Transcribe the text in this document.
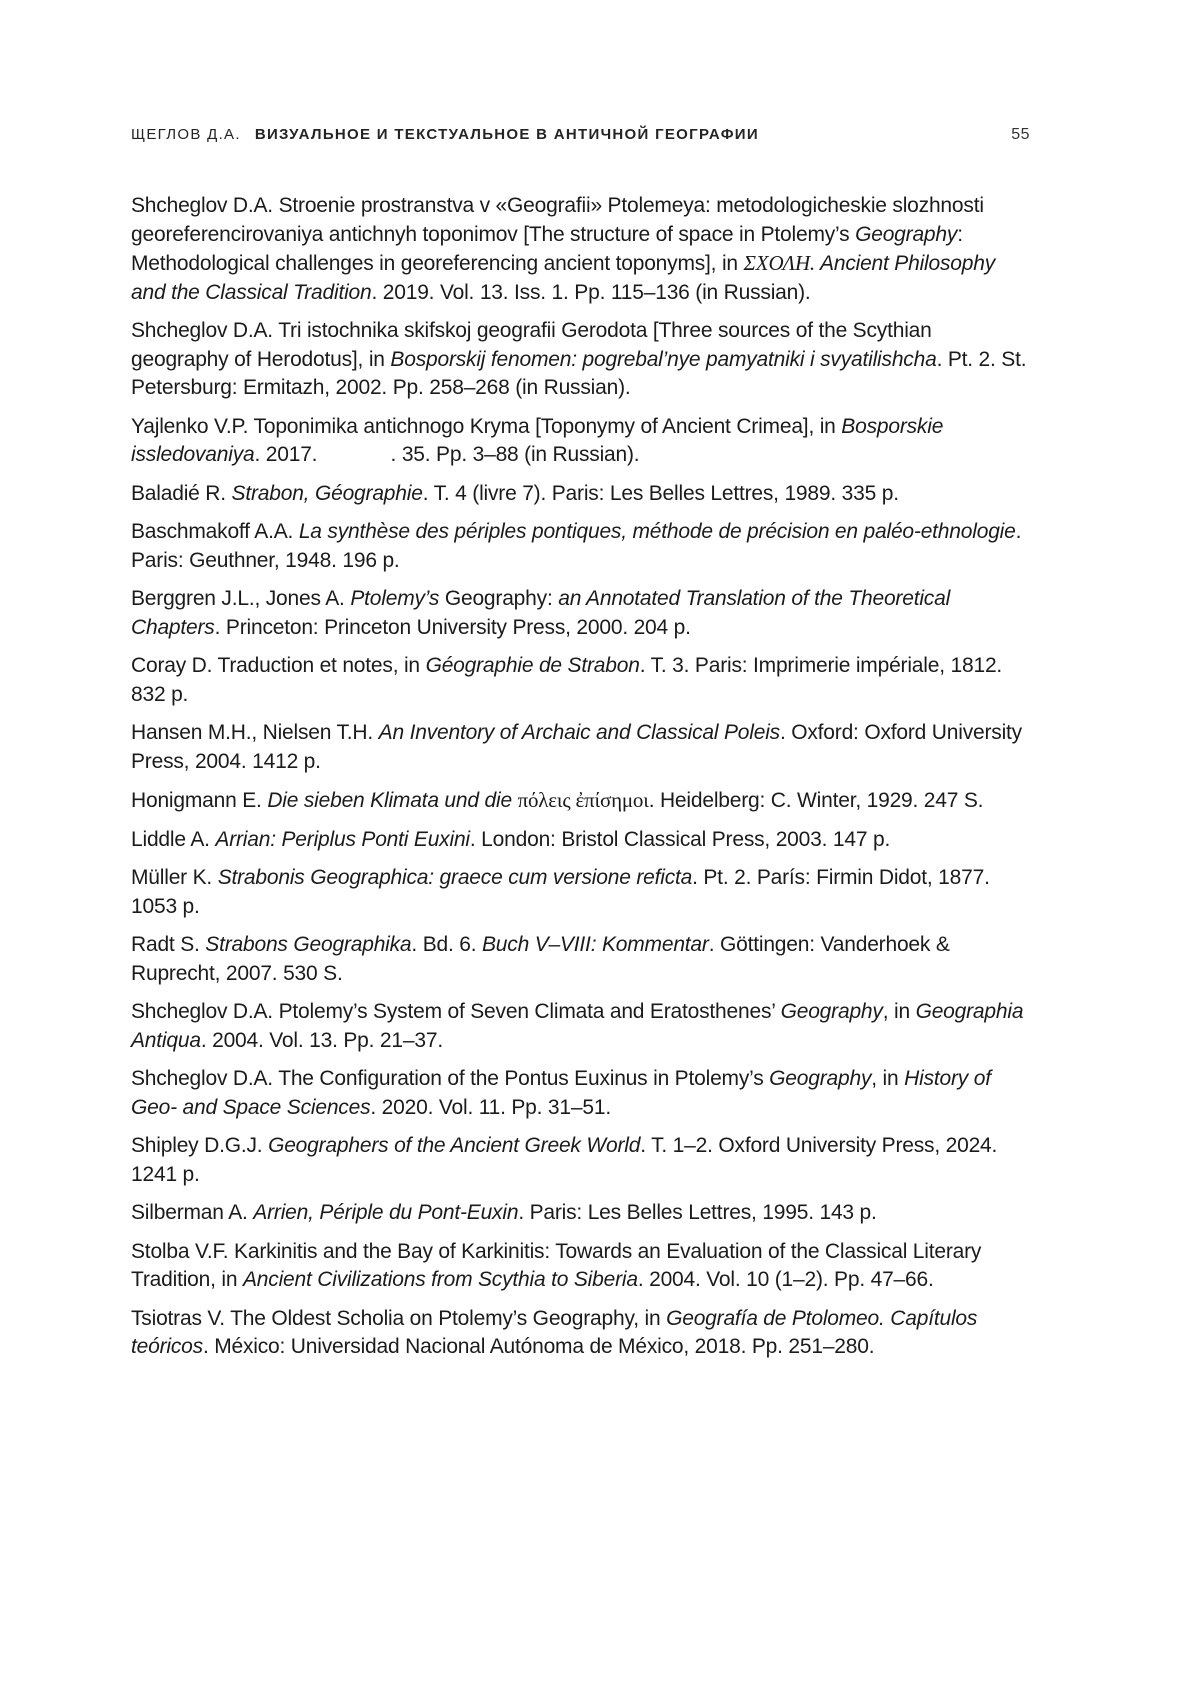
ЩЕГЛОВ Д.А. ВИЗУАЛЬНОЕ И ТЕКСТУАЛЬНОЕ В АНТИЧНОЙ ГЕОГРАФИИ	55

Shcheglov D.A. Stroenie prostranstva v «Geografii» Ptolemeya: metodologicheskie slozhnosti georeferencirovaniya antichnyh toponimov [The structure of space in Ptolemy’s Geography: Methodological challenges in georeferencing ancient toponyms], in ΣΧΟΛΗ. Ancient Philosophy and the Classical Tradition. 2019. Vol. 13. Iss. 1. Pp. 115–136 (in Russian).

Shcheglov D.A. Tri istochnika skifskoj geografii Gerodota [Three sources of the Scythian geography of Herodotus], in Bosporskij fenomen: pogrebal’nye pamyatniki i svyatilishcha. Pt. 2. St. Petersburg: Ermitazh, 2002. Pp. 258–268 (in Russian).

Yajlenko V.P. Toponimika antichnogo Kryma [Toponymy of Ancient Crimea], in Bosporskie issledovaniya. 2017.             . 35. Pp. 3–88 (in Russian).

Baladié R. Strabon, Géographie. T. 4 (livre 7). Paris: Les Belles Lettres, 1989. 335 p.

Baschmakoff A.A. La synthèse des périples pontiques, méthode de précision en paléo-ethnologie. Paris: Geuthner, 1948. 196 p.

Berggren J.L., Jones A. Ptolemy’s Geography: an Annotated Translation of the Theoretical Chapters. Princeton: Princeton University Press, 2000. 204 p.

Coray D. Traduction et notes, in Géographie de Strabon. T. 3. Paris: Imprimerie impériale, 1812. 832 p.

Hansen M.H., Nielsen T.H. An Inventory of Archaic and Classical Poleis. Oxford: Oxford University Press, 2004. 1412 p.

Honigmann E. Die sieben Klimata und die πόλεις ἐπίσημοι. Heidelberg: C. Winter, 1929. 247 S.

Liddle A. Arrian: Periplus Ponti Euxini. London: Bristol Classical Press, 2003. 147 p.

Müller K. Strabonis Geographica: graece cum versione reficta. Pt. 2. París: Firmin Didot, 1877. 1053 p.

Radt S. Strabons Geographika. Bd. 6. Buch V–VIII: Kommentar. Göttingen: Vanderhoek & Ruprecht, 2007. 530 S.

Shcheglov D.A. Ptolemy’s System of Seven Climata and Eratosthenes’ Geography, in Geographia Antiqua. 2004. Vol. 13. Pp. 21–37.

Shcheglov D.A. The Configuration of the Pontus Euxinus in Ptolemy’s Geography, in History of Geo- and Space Sciences. 2020. Vol. 11. Pp. 31–51.

Shipley D.G.J. Geographers of the Ancient Greek World. T. 1–2. Oxford University Press, 2024. 1241 p.

Silberman A. Arrien, Périple du Pont-Euxin. Paris: Les Belles Lettres, 1995. 143 p.

Stolba V.F. Karkinitis and the Bay of Karkinitis: Towards an Evaluation of the Classical Literary Tradition, in Ancient Civilizations from Scythia to Siberia. 2004. Vol. 10 (1–2). Pp. 47–66.

Tsiotras V. The Oldest Scholia on Ptolemy’s Geography, in Geografía de Ptolomeo. Capítulos teóricos. México: Universidad Nacional Autónoma de México, 2018. Pp. 251–280.
